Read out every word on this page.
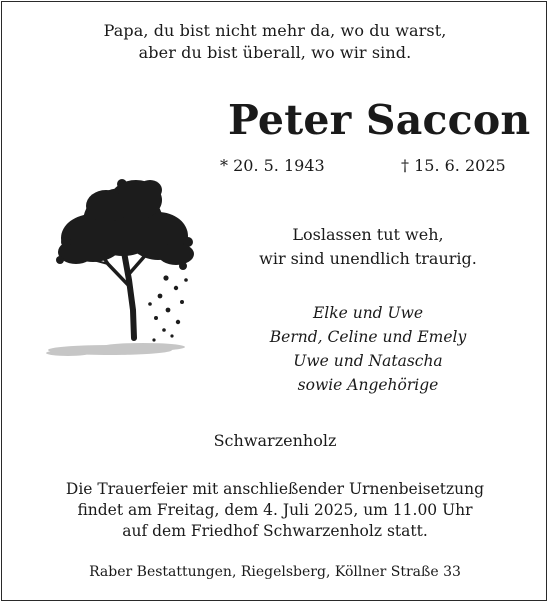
Papa, du bist nicht mehr da, wo du warst,
aber du bist überall, wo wir sind.
Peter Saccon
* 20. 5. 1943	† 15. 6. 2025
Loslassen tut weh,
wir sind unendlich traurig.
Elke und Uwe
Bernd, Celine und Emely
Uwe und Natascha
sowie Angehörige
Schwarzenholz
Die Trauerfeier mit anschließender Urnenbeisetzung
findet am Freitag, dem 4. Juli 2025, um 11.00 Uhr
auf dem Friedhof Schwarzenholz statt.
Raber Bestattungen, Riegelsberg, Köllner Straße 33
